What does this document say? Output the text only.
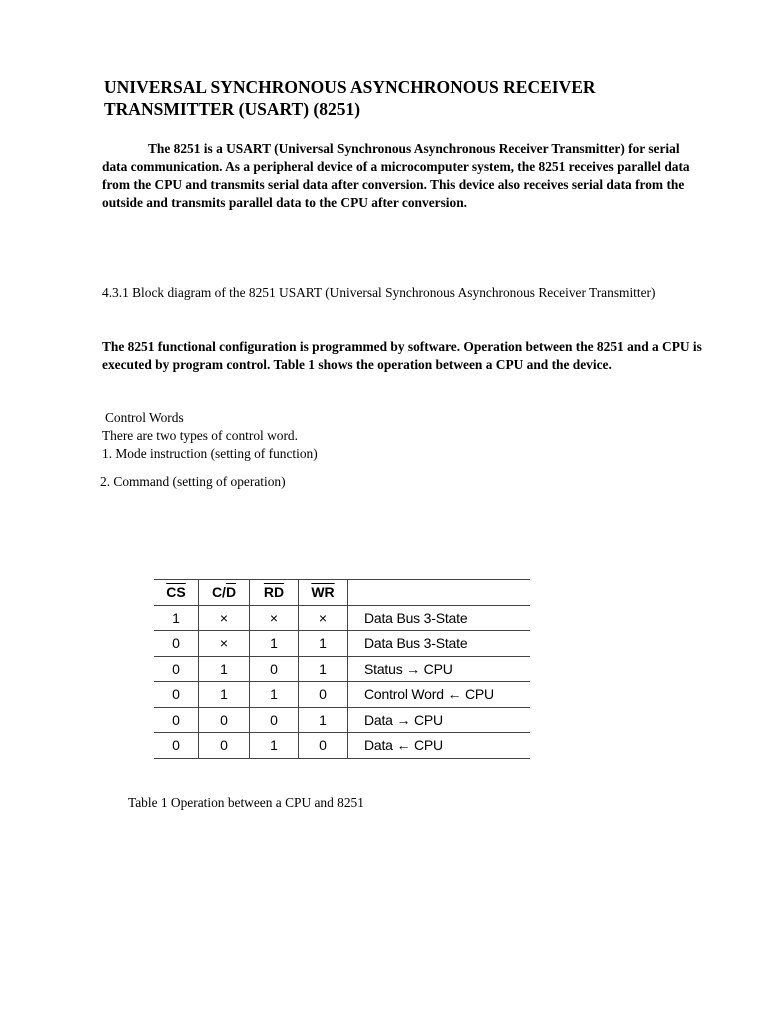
UNIVERSAL SYNCHRONOUS ASYNCHRONOUS RECEIVER TRANSMITTER (USART) (8251)

The 8251 is a USART (Universal Synchronous Asynchronous Receiver Transmitter) for serial data communication. As a peripheral device of a microcomputer system, the 8251 receives parallel data from the CPU and transmits serial data after conversion. This device also receives serial data from the outside and transmits parallel data to the CPU after conversion.

4.3.1 Block diagram of the 8251 USART (Universal Synchronous Asynchronous Receiver Transmitter)

The 8251 functional configuration is programmed by software. Operation between the 8251 and a CPU is executed by program control. Table 1 shows the operation between a CPU and the device.

Control Words

There are two types of control word.

1. Mode instruction (setting of function)

2. Command (setting of operation)

$\overline{CS}$	$C/\overline{D}$	$\overline{RD}$	$\overline{WR}$	
1	×	×	×	Data Bus 3-State
0	×	1	1	Data Bus 3-State
0	1	0	1	Status → CPU
0	1	1	0	Control Word ← CPU
0	0	0	1	Data → CPU
0	0	1	0	Data ← CPU

Table 1 Operation between a CPU and 8251
